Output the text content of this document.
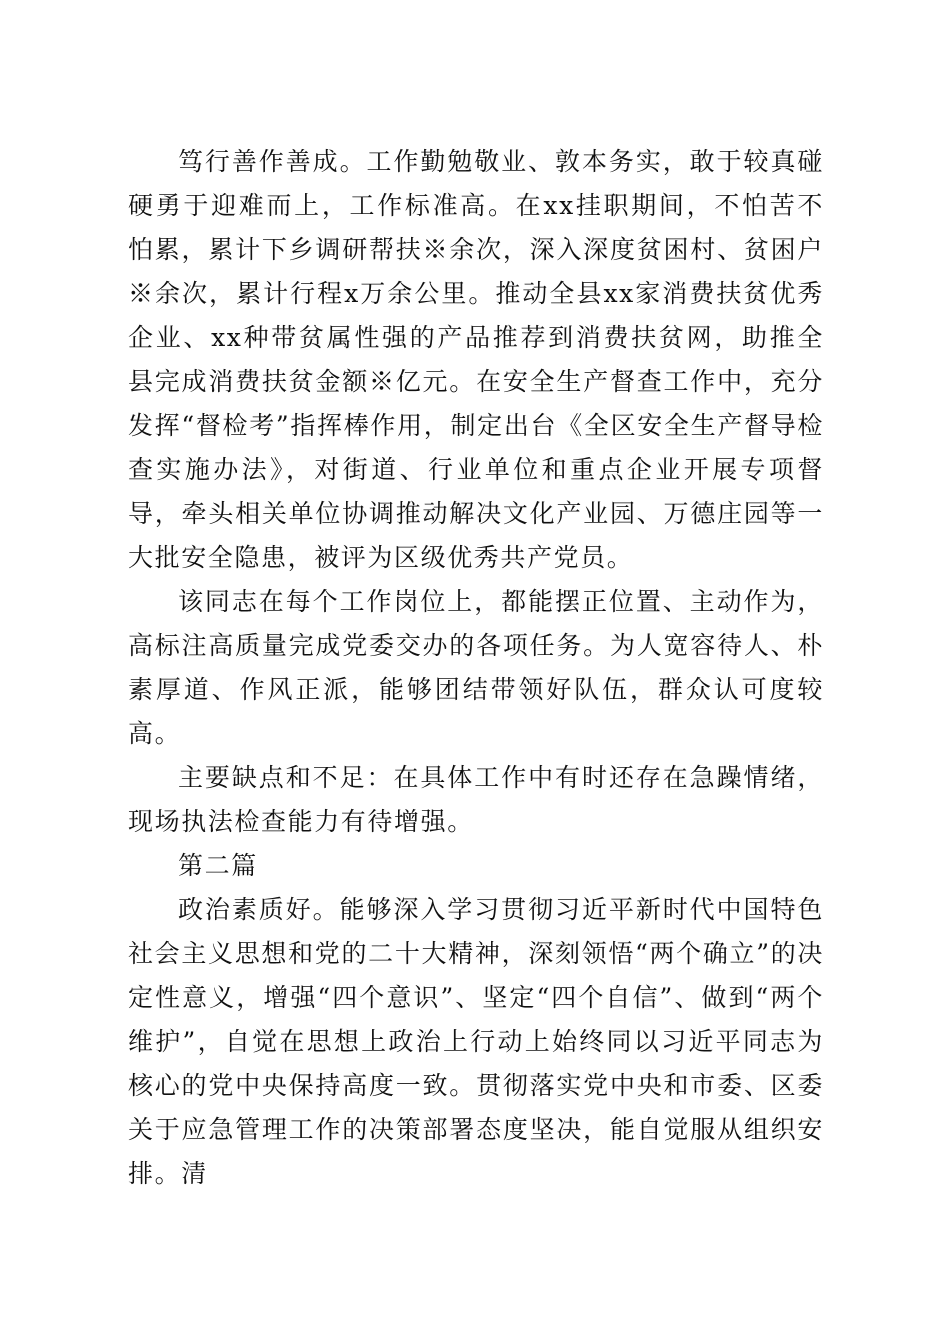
笃行善作善成。工作勤勉敬业、敦本务实，敢于较真碰硬勇于迎难而上，工作标准高。在xx挂职期间，不怕苦不怕累，累计下乡调研帮扶※余次，深入深度贫困村、贫困户※余次，累计行程x万余公里。推动全县xx家消费扶贫优秀企业、xx种带贫属性强的产品推荐到消费扶贫网，助推全县完成消费扶贫金额※亿元。在安全生产督查工作中，充分发挥“督检考”指挥棒作用，制定出台《全区安全生产督导检查实施办法》，对街道、行业单位和重点企业开展专项督导，牵头相关单位协调推动解决文化产业园、万德庄园等一大批安全隐患，被评为区级优秀共产党员。

该同志在每个工作岗位上，都能摆正位置、主动作为，高标注高质量完成党委交办的各项任务。为人宽容待人、朴素厚道、作风正派，能够团结带领好队伍，群众认可度较高。

主要缺点和不足：在具体工作中有时还存在急躁情绪，现场执法检查能力有待增强。

第二篇

政治素质好。能够深入学习贯彻习近平新时代中国特色社会主义思想和党的二十大精神，深刻领悟“两个确立”的决定性意义，增强“四个意识”、坚定“四个自信”、做到“两个维护”，自觉在思想上政治上行动上始终同以习近平同志为核心的党中央保持高度一致。贯彻落实党中央和市委、区委关于应急管理工作的决策部署态度坚决，能自觉服从组织安排。清
